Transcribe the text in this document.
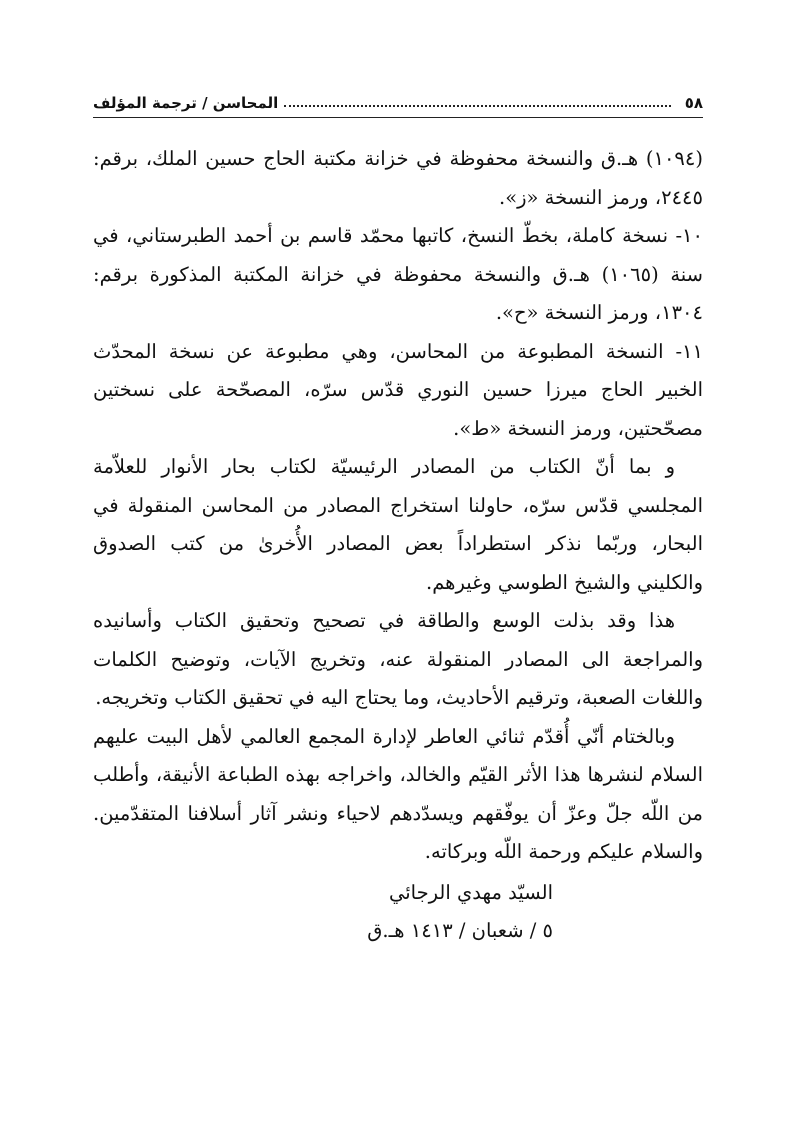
٥٨
المحاسن / ترجمة المؤلف

(١٠٩٤) هـ.ق والنسخة محفوظة في خزانة مكتبة الحاج حسين الملك، برقم: ٢٤٤٥، ورمز النسخة «ز».

١٠- نسخة كاملة، بخطّ النسخ، كاتبها محمّد قاسم بن أحمد الطبرستاني، في سنة (١٠٦٥) هـ.ق والنسخة محفوظة في خزانة المكتبة المذكورة برقم: ١٣٠٤، ورمز النسخة «ح».

١١- النسخة المطبوعة من المحاسن، وهي مطبوعة عن نسخة المحدّث الخبير الحاج ميرزا حسين النوري قدّس سرّه، المصحّحة على نسختين مصحّحتين، ورمز النسخة «ط».

و بما أنّ الكتاب من المصادر الرئيسيّة لكتاب بحار الأنوار للعلاّمة المجلسي قدّس سرّه، حاولنا استخراج المصادر من المحاسن المنقولة في البحار، وربّما نذكر استطراداً بعض المصادر الأُخرىٰ من كتب الصدوق والكليني والشيخ الطوسي وغيرهم.

هذا وقد بذلت الوسع والطاقة في تصحيح وتحقيق الكتاب وأسانيده والمراجعة الى المصادر المنقولة عنه، وتخريج الآيات، وتوضيح الكلمات واللغات الصعبة، وترقيم الأحاديث، وما يحتاج اليه في تحقيق الكتاب وتخريجه.

وبالختام أنّي أُقدّم ثنائي العاطر لإدارة المجمع العالمي لأهل البيت عليهم السلام لنشرها هذا الأثر القيّم والخالد، واخراجه بهذه الطباعة الأنيقة، وأطلب من اللّه جلّ وعزّ أن يوفّقهم ويسدّدهم لاحياء ونشر آثار أسلافنا المتقدّمين. والسلام عليكم ورحمة اللّه وبركاته.

السيّد مهدي الرجائي
٥ / شعبان / ١٤١٣ هـ.ق
